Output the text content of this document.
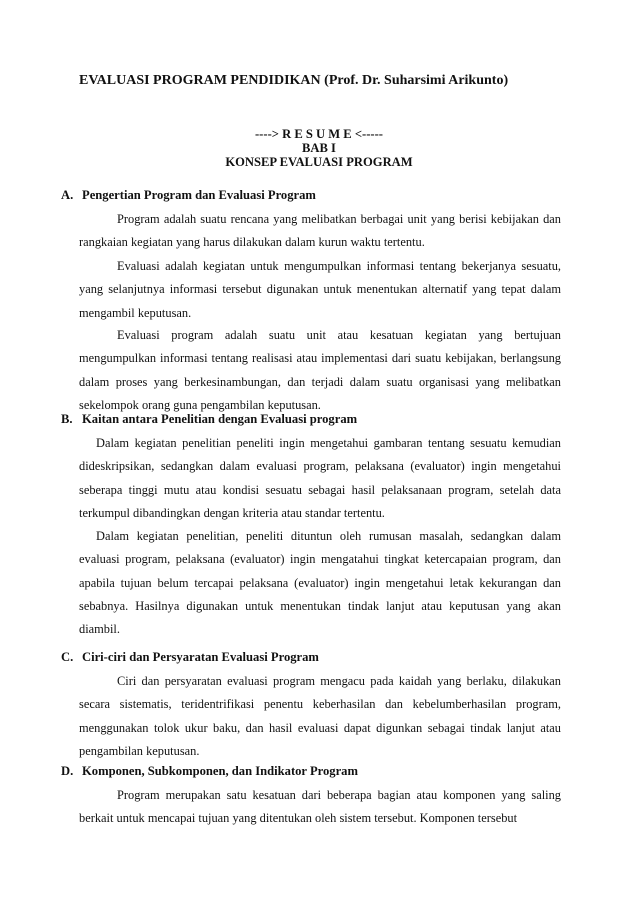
EVALUASI PROGRAM PENDIDIKAN (Prof. Dr. Suharsimi Arikunto)
----> R E S U M E <-----
BAB I
KONSEP EVALUASI PROGRAM
A. Pengertian Program dan Evaluasi Program
Program adalah suatu rencana yang melibatkan berbagai unit yang berisi kebijakan dan rangkaian kegiatan yang harus dilakukan dalam kurun waktu tertentu.
Evaluasi adalah kegiatan untuk mengumpulkan informasi tentang bekerjanya sesuatu, yang selanjutnya informasi tersebut digunakan untuk menentukan alternatif yang tepat dalam mengambil keputusan.
Evaluasi program adalah suatu unit atau kesatuan kegiatan yang bertujuan mengumpulkan informasi tentang realisasi atau implementasi dari suatu kebijakan, berlangsung dalam proses yang berkesinambungan, dan terjadi dalam suatu organisasi yang melibatkan sekelompok orang guna pengambilan keputusan.
B. Kaitan antara Penelitian dengan Evaluasi program
Dalam kegiatan penelitian peneliti ingin mengetahui gambaran tentang sesuatu kemudian dideskripsikan, sedangkan dalam evaluasi program, pelaksana (evaluator) ingin mengetahui seberapa tinggi mutu atau kondisi sesuatu sebagai hasil pelaksanaan program, setelah data terkumpul dibandingkan dengan kriteria atau standar tertentu.
Dalam kegiatan penelitian, peneliti dituntun oleh rumusan masalah, sedangkan dalam evaluasi program, pelaksana (evaluator) ingin mengatahui tingkat ketercapaian program, dan apabila tujuan belum tercapai pelaksana (evaluator) ingin mengetahui letak kekurangan dan sebabnya. Hasilnya digunakan untuk menentukan tindak lanjut atau keputusan yang akan diambil.
C. Ciri-ciri dan Persyaratan Evaluasi Program
Ciri dan persyaratan evaluasi program mengacu pada kaidah yang berlaku, dilakukan secara sistematis, teridentrifikasi penentu keberhasilan dan kebelumberhasilan program, menggunakan tolok ukur baku, dan hasil evaluasi dapat digunkan sebagai tindak lanjut atau pengambilan keputusan.
D. Komponen, Subkomponen, dan Indikator Program
Program merupakan satu kesatuan dari beberapa bagian atau komponen yang saling berkait untuk mencapai tujuan yang ditentukan oleh sistem tersebut. Komponen tersebut
